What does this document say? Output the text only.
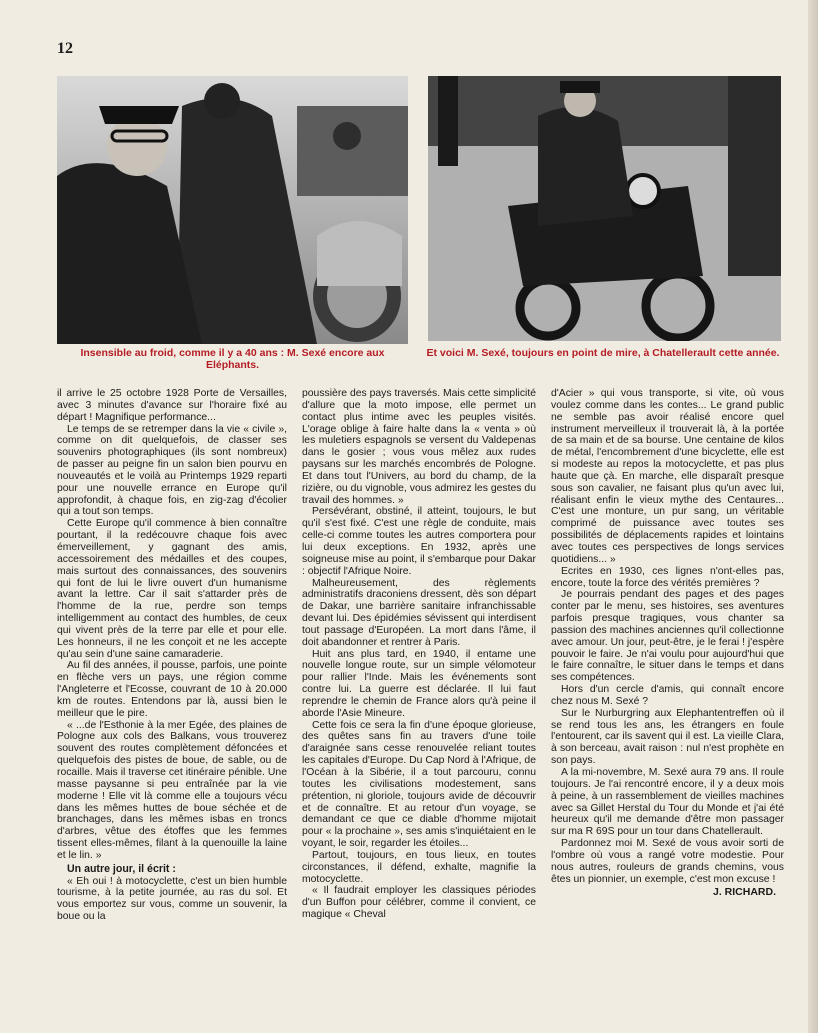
12
Insensible au froid, comme il y a 40 ans : M. Sexé encore aux Eléphants.
Et voici M. Sexé, toujours en point de mire, à Chatellerault cette année.

il arrive le 25 octobre 1928 Porte de Versailles, avec 3 minutes d'avance sur l'horaire fixé au départ ! Magnifique performance...

Le temps de se retremper dans la vie « civile », comme on dit quelquefois, de classer ses souvenirs photographiques (ils sont nombreux) de passer au peigne fin un salon bien pourvu en nouveautés et le voilà au Printemps 1929 reparti pour une nouvelle errance en Europe qu'il approfondit, à chaque fois, en zig-zag d'écolier qui a tout son temps.

Cette Europe qu'il commence à bien connaître pourtant, il la redécouvre chaque fois avec émerveillement, y gagnant des amis, accessoirement des médailles et des coupes, mais surtout des connaissances, des souvenirs qui font de lui le livre ouvert d'un humanisme avant la lettre. Car il sait s'attarder près de l'homme de la rue, perdre son temps intelligemment au contact des humbles, de ceux qui vivent près de la terre par elle et pour elle. Les honneurs, il ne les conçoit et ne les accepte qu'au sein d'une saine camaraderie.

Au fil des années, il pousse, parfois, une pointe en flèche vers un pays, une région comme l'Angleterre et l'Ecosse, couvrant de 10 à 20.000 km de routes. Entendons par là, aussi bien le meilleur que le pire.

« ...de l'Esthonie à la mer Egée, des plaines de Pologne aux cols des Balkans, vous trouverez souvent des routes complètement défoncées et quelquefois des pistes de boue, de sable, ou de rocaille. Mais il traverse cet itinéraire pénible. Une masse paysanne si peu entraînée par la vie moderne ! Elle vit là comme elle a toujours vécu dans les mêmes huttes de boue séchée et de branchages, dans les mêmes isbas en troncs d'arbres, vêtue des étoffes que les femmes tissent elles-mêmes, filant à la quenouille la laine et le lin. »

Un autre jour, il écrit :

« Eh oui ! à motocyclette, c'est un bien humble tourisme, à la petite journée, au ras du sol. Et vous emportez sur vous, comme un souvenir, la boue ou la

poussière des pays traversés. Mais cette simplicité d'allure que la moto impose, elle permet un contact plus intime avec les peuples visités. L'orage oblige à faire halte dans la « venta » où les muletiers espagnols se versent du Valdepenas dans le gosier ; vous vous mêlez aux rudes paysans sur les marchés encombrés de Pologne. Et dans tout l'Univers, au bord du champ, de la rizière, ou du vignoble, vous admirez les gestes du travail des hommes. »

Persévérant, obstiné, il atteint, toujours, le but qu'il s'est fixé. C'est une règle de conduite, mais celle-ci comme toutes les autres comportera pour lui deux exceptions. En 1932, après une soigneuse mise au point, il s'embarque pour Dakar : objectif l'Afrique Noire.

Malheureusement, des règlements administratifs draconiens dressent, dès son départ de Dakar, une barrière sanitaire infranchissable devant lui. Des épidémies sévissent qui interdisent tout passage d'Européen. La mort dans l'âme, il doit abandonner et rentrer à Paris.

Huit ans plus tard, en 1940, il entame une nouvelle longue route, sur un simple vélomoteur pour rallier l'Inde. Mais les événements sont contre lui. La guerre est déclarée. Il lui faut reprendre le chemin de France alors qu'à peine il aborde l'Asie Mineure.

Cette fois ce sera la fin d'une époque glorieuse, des quêtes sans fin au travers d'une toile d'araignée sans cesse renouvelée reliant toutes les capitales d'Europe. Du Cap Nord à l'Afrique, de l'Océan à la Sibérie, il a tout parcouru, connu toutes les civilisations modestement, sans prétention, ni gloriole, toujours avide de découvrir et de connaître. Et au retour d'un voyage, se demandant ce que ce diable d'homme mijotait pour « la prochaine », ses amis s'inquiétaient en le voyant, le soir, regarder les étoiles...

Partout, toujours, en tous lieux, en toutes circonstances, il défend, exhalte, magnifie la motocyclette.

« Il faudrait employer les classiques périodes d'un Buffon pour célébrer, comme il convient, ce magique « Cheval

d'Acier » qui vous transporte, si vite, où vous voulez comme dans les contes... Le grand public ne semble pas avoir réalisé encore quel instrument merveilleux il trouverait là, à la portée de sa main et de sa bourse. Une centaine de kilos de métal, l'encombrement d'une bicyclette, elle est si modeste au repos la motocyclette, et pas plus haute que çà. En marche, elle disparaît presque sous son cavalier, ne faisant plus qu'un avec lui, réalisant enfin le vieux mythe des Centaures... C'est une monture, un pur sang, un véritable comprimé de puissance avec toutes ses possibilités de déplacements rapides et lointains avec toutes ces perspectives de longs services quotidiens... »

Ecrites en 1930, ces lignes n'ont-elles pas, encore, toute la force des vérités premières ?

Je pourrais pendant des pages et des pages conter par le menu, ses histoires, ses aventures parfois presque tragiques, vous chanter sa passion des machines anciennes qu'il collectionne avec amour. Un jour, peut-être, je le ferai ! j'espère pouvoir le faire. Je n'ai voulu pour aujourd'hui que le faire connaître, le situer dans le temps et dans ses compétences.

Hors d'un cercle d'amis, qui connaît encore chez nous M. Sexé ?

Sur le Nurburgring aux Elephantentreffen où il se rend tous les ans, les étrangers en foule l'entourent, car ils savent qui il est. La vieille Clara, à son berceau, avait raison : nul n'est prophète en son pays.

A la mi-novembre, M. Sexé aura 79 ans. Il roule toujours. Je l'ai rencontré encore, il y a deux mois à peine, à un rassemblement de vieilles machines avec sa Gillet Herstal du Tour du Monde et j'ai été heureux qu'il me demande d'être mon passager sur ma R 69S pour un tour dans Chatellerault.

Pardonnez moi M. Sexé de vous avoir sorti de l'ombre où vous a rangé votre modestie. Pour nous autres, rouleurs de grands chemins, vous êtes un pionnier, un exemple, c'est mon excuse !

J. RICHARD.
